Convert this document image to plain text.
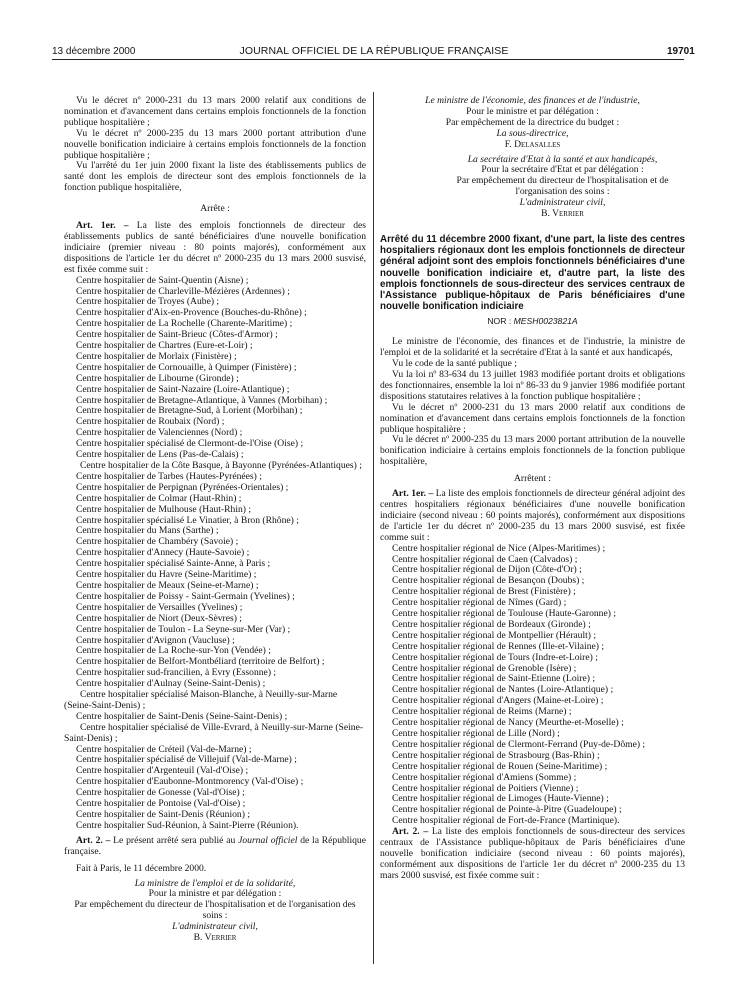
13 décembre 2000	JOURNAL OFFICIEL DE LA RÉPUBLIQUE FRANÇAISE	19701

Vu le décret nº 2000-231 du 13 mars 2000 relatif aux conditions de nomination et d'avancement dans certains emplois fonctionnels de la fonction publique hospitalière ;

Vu le décret nº 2000-235 du 13 mars 2000 portant attribution d'une nouvelle bonification indiciaire à certains emplois fonctionnels de la fonction publique hospitalière ;

Vu l'arrêté du 1er juin 2000 fixant la liste des établissements publics de santé dont les emplois de directeur sont des emplois fonctionnels de la fonction publique hospitalière,

Arrête :

Art. 1er. – La liste des emplois fonctionnels de directeur des établissements publics de santé bénéficiaires d'une nouvelle bonification indiciaire (premier niveau : 80 points majorés), conformément aux dispositions de l'article 1er du décret nº 2000-235 du 13 mars 2000 susvisé, est fixée comme suit :

Centre hospitalier de Saint-Quentin (Aisne) ;

Centre hospitalier de Charleville-Mézières (Ardennes) ;

Centre hospitalier de Troyes (Aube) ;

Centre hospitalier d'Aix-en-Provence (Bouches-du-Rhône) ;

Centre hospitalier de La Rochelle (Charente-Maritime) ;

Centre hospitalier de Saint-Brieuc (Côtes-d'Armor) ;

Centre hospitalier de Chartres (Eure-et-Loir) ;

Centre hospitalier de Morlaix (Finistère) ;

Centre hospitalier de Cornouaille, à Quimper (Finistère) ;

Centre hospitalier de Libourne (Gironde) ;

Centre hospitalier de Saint-Nazaire (Loire-Atlantique) ;

Centre hospitalier de Bretagne-Atlantique, à Vannes (Morbihan) ;

Centre hospitalier de Bretagne-Sud, à Lorient (Morbihan) ;

Centre hospitalier de Roubaix (Nord) ;

Centre hospitalier de Valenciennes (Nord) ;

Centre hospitalier spécialisé de Clermont-de-l'Oise (Oise) ;

Centre hospitalier de Lens (Pas-de-Calais) ;

Centre hospitalier de la Côte Basque, à Bayonne (Pyrénées-Atlantiques) ;

Centre hospitalier de Tarbes (Hautes-Pyrénées) ;

Centre hospitalier de Perpignan (Pyrénées-Orientales) ;

Centre hospitalier de Colmar (Haut-Rhin) ;

Centre hospitalier de Mulhouse (Haut-Rhin) ;

Centre hospitalier spécialisé Le Vinatier, à Bron (Rhône) ;

Centre hospitalier du Mans (Sarthe) ;

Centre hospitalier de Chambéry (Savoie) ;

Centre hospitalier d'Annecy (Haute-Savoie) ;

Centre hospitalier spécialisé Sainte-Anne, à Paris ;

Centre hospitalier du Havre (Seine-Maritime) ;

Centre hospitalier de Meaux (Seine-et-Marne) ;

Centre hospitalier de Poissy - Saint-Germain (Yvelines) ;

Centre hospitalier de Versailles (Yvelines) ;

Centre hospitalier de Niort (Deux-Sèvres) ;

Centre hospitalier de Toulon - La Seyne-sur-Mer (Var) ;

Centre hospitalier d'Avignon (Vaucluse) ;

Centre hospitalier de La Roche-sur-Yon (Vendée) ;

Centre hospitalier de Belfort-Montbéliard (territoire de Belfort) ;

Centre hospitalier sud-francilien, à Evry (Essonne) ;

Centre hospitalier d'Aulnay (Seine-Saint-Denis) ;

Centre hospitalier spécialisé Maison-Blanche, à Neuilly-sur-Marne (Seine-Saint-Denis) ;

Centre hospitalier de Saint-Denis (Seine-Saint-Denis) ;

Centre hospitalier spécialisé de Ville-Evrard, à Neuilly-sur-Marne (Seine-Saint-Denis) ;

Centre hospitalier de Créteil (Val-de-Marne) ;

Centre hospitalier spécialisé de Villejuif (Val-de-Marne) ;

Centre hospitalier d'Argenteuil (Val-d'Oise) ;

Centre hospitalier d'Eaubonne-Montmorency (Val-d'Oise) ;

Centre hospitalier de Gonesse (Val-d'Oise) ;

Centre hospitalier de Pontoise (Val-d'Oise) ;

Centre hospitalier de Saint-Denis (Réunion) ;

Centre hospitalier Sud-Réunion, à Saint-Pierre (Réunion).

Art. 2. – Le présent arrêté sera publié au Journal officiel de la République française.

Fait à Paris, le 11 décembre 2000.

La ministre de l'emploi et de la solidarité,

Pour la ministre et par délégation :

Par empêchement du directeur de l'hospitalisation et de l'organisation des soins :

L'administrateur civil,

B. Verrier

Le ministre de l'économie, des finances et de l'industrie,

Pour le ministre et par délégation :

Par empêchement de la directrice du budget :

La sous-directrice,

F. Delasalles

La secrétaire d'Etat à la santé et aux handicapés,

Pour la secrétaire d'Etat et par délégation :

Par empêchement du directeur de l'hospitalisation et de l'organisation des soins :

L'administrateur civil,

B. Verrier

Arrêté du 11 décembre 2000 fixant, d'une part, la liste des centres hospitaliers régionaux dont les emplois fonctionnels de directeur général adjoint sont des emplois fonctionnels bénéficiaires d'une nouvelle bonification indiciaire et, d'autre part, la liste des emplois fonctionnels de sous-directeur des services centraux de l'Assistance publique-hôpitaux de Paris bénéficiaires d'une nouvelle bonification indiciaire

NOR : MESH0023821A

Le ministre de l'économie, des finances et de l'industrie, la ministre de l'emploi et de la solidarité et la secrétaire d'Etat à la santé et aux handicapés,

Vu le code de la santé publique ;

Vu la loi nº 83-634 du 13 juillet 1983 modifiée portant droits et obligations des fonctionnaires, ensemble la loi nº 86-33 du 9 janvier 1986 modifiée portant dispositions statutaires relatives à la fonction publique hospitalière ;

Vu le décret nº 2000-231 du 13 mars 2000 relatif aux conditions de nomination et d'avancement dans certains emplois fonctionnels de la fonction publique hospitalière ;

Vu le décret nº 2000-235 du 13 mars 2000 portant attribution de la nouvelle bonification indiciaire à certains emplois fonctionnels de la fonction publique hospitalière,

Arrêtent :

Art. 1er. – La liste des emplois fonctionnels de directeur général adjoint des centres hospitaliers régionaux bénéficiaires d'une nouvelle bonification indiciaire (second niveau : 60 points majorés), conformément aux dispositions de l'article 1er du décret nº 2000-235 du 13 mars 2000 susvisé, est fixée comme suit :

Centre hospitalier régional de Nice (Alpes-Maritimes) ;

Centre hospitalier régional de Caen (Calvados) ;

Centre hospitalier régional de Dijon (Côte-d'Or) ;

Centre hospitalier régional de Besançon (Doubs) ;

Centre hospitalier régional de Brest (Finistère) ;

Centre hospitalier régional de Nîmes (Gard) ;

Centre hospitalier régional de Toulouse (Haute-Garonne) ;

Centre hospitalier régional de Bordeaux (Gironde) ;

Centre hospitalier régional de Montpellier (Hérault) ;

Centre hospitalier régional de Rennes (Ille-et-Vilaine) ;

Centre hospitalier régional de Tours (Indre-et-Loire) ;

Centre hospitalier régional de Grenoble (Isère) ;

Centre hospitalier régional de Saint-Etienne (Loire) ;

Centre hospitalier régional de Nantes (Loire-Atlantique) ;

Centre hospitalier régional d'Angers (Maine-et-Loire) ;

Centre hospitalier régional de Reims (Marne) ;

Centre hospitalier régional de Nancy (Meurthe-et-Moselle) ;

Centre hospitalier régional de Lille (Nord) ;

Centre hospitalier régional de Clermont-Ferrand (Puy-de-Dôme) ;

Centre hospitalier régional de Strasbourg (Bas-Rhin) ;

Centre hospitalier régional de Rouen (Seine-Maritime) ;

Centre hospitalier régional d'Amiens (Somme) ;

Centre hospitalier régional de Poitiers (Vienne) ;

Centre hospitalier régional de Limoges (Haute-Vienne) ;

Centre hospitalier régional de Pointe-à-Pitre (Guadeloupe) ;

Centre hospitalier régional de Fort-de-France (Martinique).

Art. 2. – La liste des emplois fonctionnels de sous-directeur des services centraux de l'Assistance publique-hôpitaux de Paris bénéficiaires d'une nouvelle bonification indiciaire (second niveau : 60 points majorés), conformément aux dispositions de l'article 1er du décret nº 2000-235 du 13 mars 2000 susvisé, est fixée comme suit :
